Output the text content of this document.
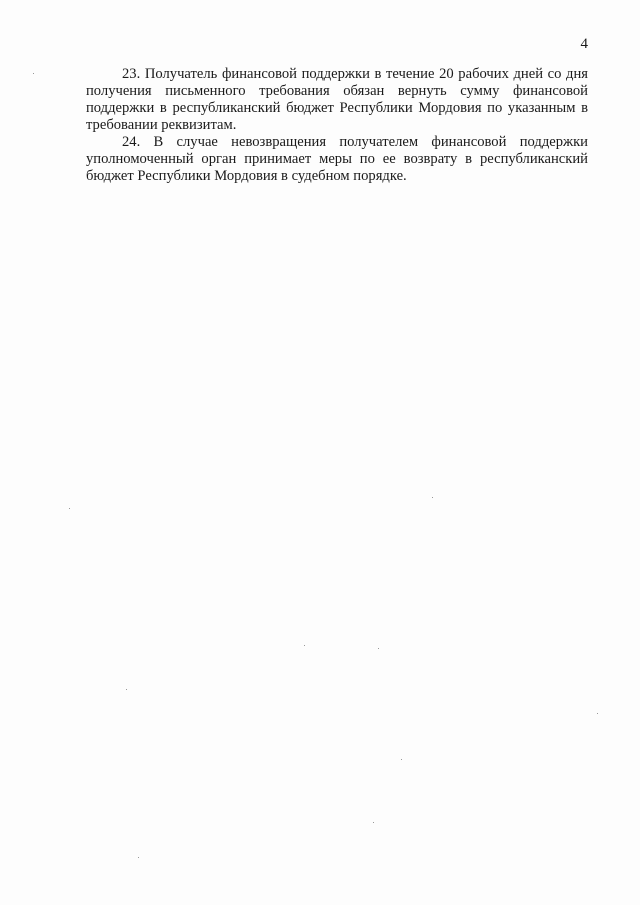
4

23. Получатель финансовой поддержки в течение 20 рабочих дней со дня получения письменного требования обязан вернуть сумму финансовой поддержки в республиканский бюджет Республики Мордовия по указанным в требовании реквизитам.

24. В случае невозвращения получателем финансовой поддержки уполномоченный орган принимает меры по ее возврату в республиканский бюджет Республики Мордовия в судебном порядке.
